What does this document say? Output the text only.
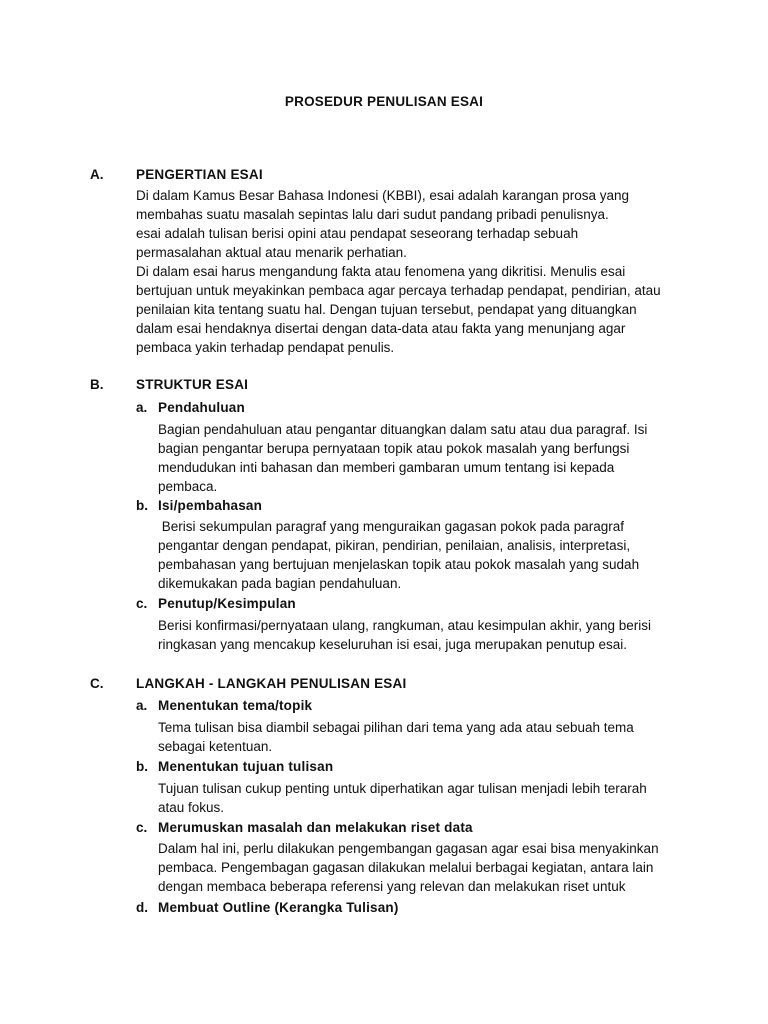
PROSEDUR PENULISAN ESAI
A. PENGERTIAN ESAI
Di dalam Kamus Besar Bahasa Indonesi (KBBI), esai adalah karangan prosa yang
membahas suatu masalah sepintas lalu dari sudut pandang pribadi penulisnya.
esai adalah tulisan berisi opini atau pendapat seseorang terhadap sebuah
permasalahan aktual atau menarik perhatian.
Di dalam esai harus mengandung fakta atau fenomena yang dikritisi. Menulis esai
bertujuan untuk meyakinkan pembaca agar percaya terhadap pendapat, pendirian, atau
penilaian kita tentang suatu hal. Dengan tujuan tersebut, pendapat yang dituangkan
dalam esai hendaknya disertai dengan data-data atau fakta yang menunjang agar
pembaca yakin terhadap pendapat penulis.
B. STRUKTUR ESAI
a. Pendahuluan
Bagian pendahuluan atau pengantar dituangkan dalam satu atau dua paragraf. Isi
bagian pengantar berupa pernyataan topik atau pokok masalah yang berfungsi
mendudukan inti bahasan dan memberi gambaran umum tentang isi kepada
pembaca.
b. Isi/pembahasan
Berisi sekumpulan paragraf yang menguraikan gagasan pokok pada paragraf
pengantar dengan pendapat, pikiran, pendirian, penilaian, analisis, interpretasi,
pembahasan yang bertujuan menjelaskan topik atau pokok masalah yang sudah
dikemukakan pada bagian pendahuluan.
c. Penutup/Kesimpulan
Berisi konfirmasi/pernyataan ulang, rangkuman, atau kesimpulan akhir, yang berisi
ringkasan yang mencakup keseluruhan isi esai, juga merupakan penutup esai.
C. LANGKAH - LANGKAH PENULISAN ESAI
a. Menentukan tema/topik
Tema tulisan bisa diambil sebagai pilihan dari tema yang ada atau sebuah tema
sebagai ketentuan.
b. Menentukan tujuan tulisan
Tujuan tulisan cukup penting untuk diperhatikan agar tulisan menjadi lebih terarah
atau fokus.
c. Merumuskan masalah dan melakukan riset data
Dalam hal ini, perlu dilakukan pengembangan gagasan agar esai bisa menyakinkan
pembaca. Pengembagan gagasan dilakukan melalui berbagai kegiatan, antara lain
dengan membaca beberapa referensi yang relevan dan melakukan riset untuk
d. Membuat Outline (Kerangka Tulisan)
